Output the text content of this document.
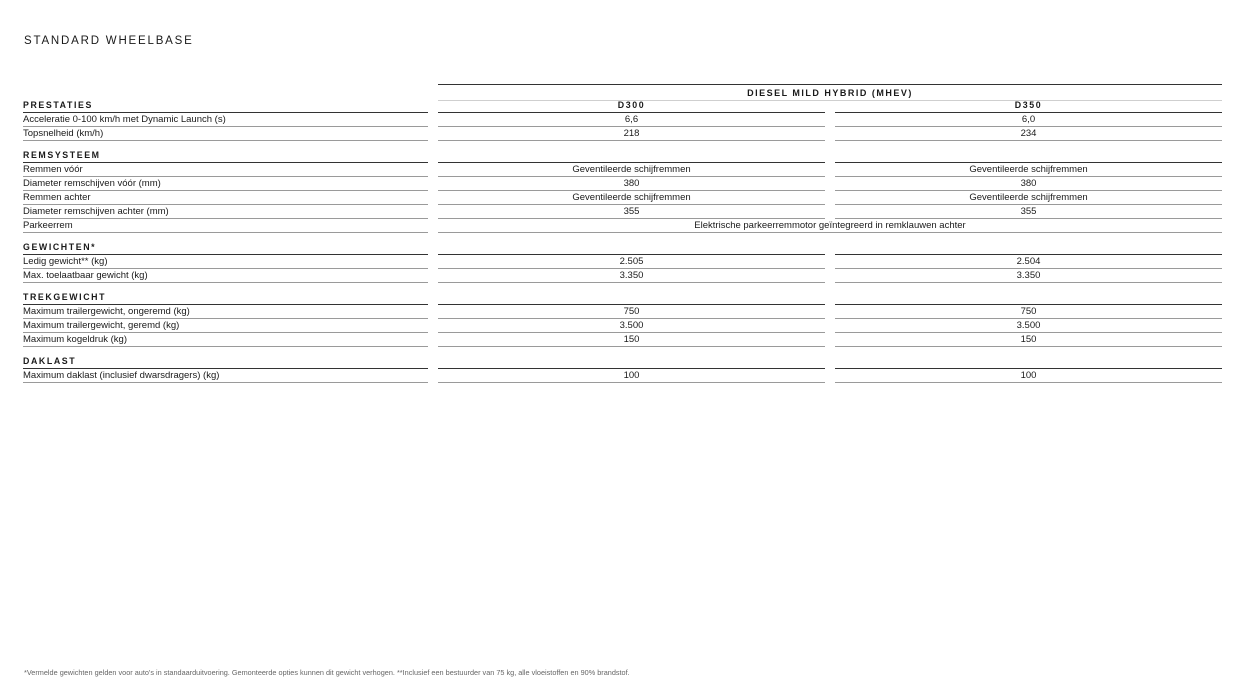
STANDARD WHEELBASE
DIESEL MILD HYBRID (MHEV)
PRESTATIES	D300	D350
Acceleratie 0-100 km/h met Dynamic Launch (s)	6,6	6,0
Topsnelheid (km/h)	218	234
REMSYSTEEM
Remmen vóór	Geventileerde schijfremmen	Geventileerde schijfremmen
Diameter remschijven vóór (mm)	380	380
Remmen achter	Geventileerde schijfremmen	Geventileerde schijfremmen
Diameter remschijven achter (mm)	355	355
Parkeerrem	Elektrische parkeerremmotor geïntegreerd in remklauwen achter
GEWICHTEN*
Ledig gewicht** (kg)	2.505	2.504
Max. toelaatbaar gewicht (kg)	3.350	3.350
TREKGEWICHT
Maximum trailergewicht, ongeremd (kg)	750	750
Maximum trailergewicht, geremd (kg)	3.500	3.500
Maximum kogeldruk (kg)	150	150
DAKLAST
Maximum daklast (inclusief dwarsdragers) (kg)	100	100
*Vermelde gewichten gelden voor auto's in standaarduitvoering. Gemonteerde opties kunnen dit gewicht verhogen. **Inclusief een bestuurder van 75 kg, alle vloeistoffen en 90% brandstof.
